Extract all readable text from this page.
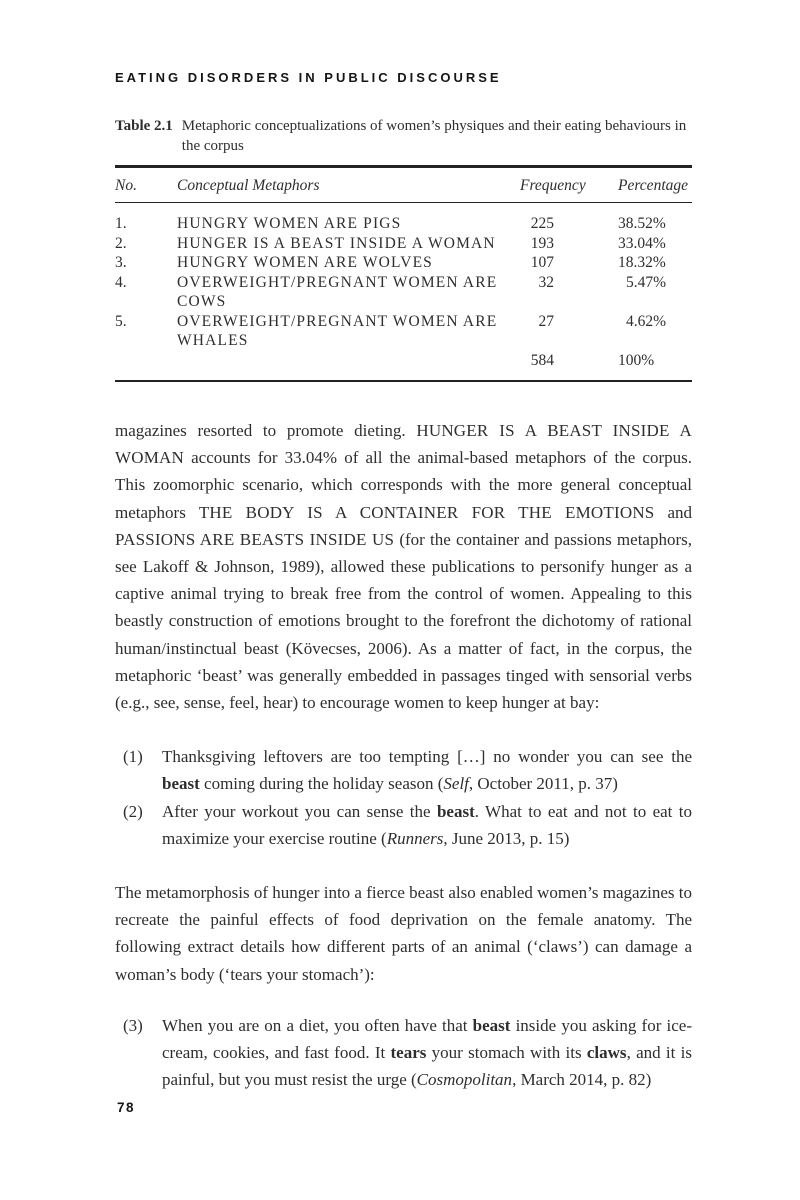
EATING DISORDERS IN PUBLIC DISCOURSE
Table 2.1 Metaphoric conceptualizations of women’s physiques and their eating behaviours in the corpus
No.	Conceptual Metaphors	Frequency	Percentage
1.	HUNGRY WOMEN ARE PIGS	225	38.52%
2.	HUNGER IS A BEAST INSIDE A WOMAN	193	33.04%
3.	HUNGRY WOMEN ARE WOLVES	107	18.32%
4.	OVERWEIGHT/PREGNANT WOMEN ARE COWS	32	5.47%
5.	OVERWEIGHT/PREGNANT WOMEN ARE WHALES	27	4.62%
		584	100%

magazines resorted to promote dieting. HUNGER IS A BEAST INSIDE A WOMAN accounts for 33.04% of all the animal-based metaphors of the corpus. This zoomorphic scenario, which corresponds with the more general conceptual metaphors THE BODY IS A CONTAINER FOR THE EMOTIONS and PASSIONS ARE BEASTS INSIDE US (for the container and passions metaphors, see Lakoff & Johnson, 1989), allowed these publications to personify hunger as a captive animal trying to break free from the control of women. Appealing to this beastly construction of emotions brought to the forefront the dichotomy of rational human/instinctual beast (Kövecses, 2006). As a matter of fact, in the corpus, the metaphoric ‘beast’ was generally embedded in passages tinged with sensorial verbs (e.g., see, sense, feel, hear) to encourage women to keep hunger at bay:

(1)	Thanksgiving leftovers are too tempting […] no wonder you can see the beast coming during the holiday season (Self, October 2011, p. 37)
(2)	After your workout you can sense the beast. What to eat and not to eat to maximize your exercise routine (Runners, June 2013, p. 15)

The metamorphosis of hunger into a fierce beast also enabled women’s magazines to recreate the painful effects of food deprivation on the female anatomy. The following extract details how different parts of an animal (‘claws’) can damage a woman’s body (‘tears your stomach’):

(3)	When you are on a diet, you often have that beast inside you asking for ice-cream, cookies, and fast food. It tears your stomach with its claws, and it is painful, but you must resist the urge (Cosmopolitan, March 2014, p. 82)
78
